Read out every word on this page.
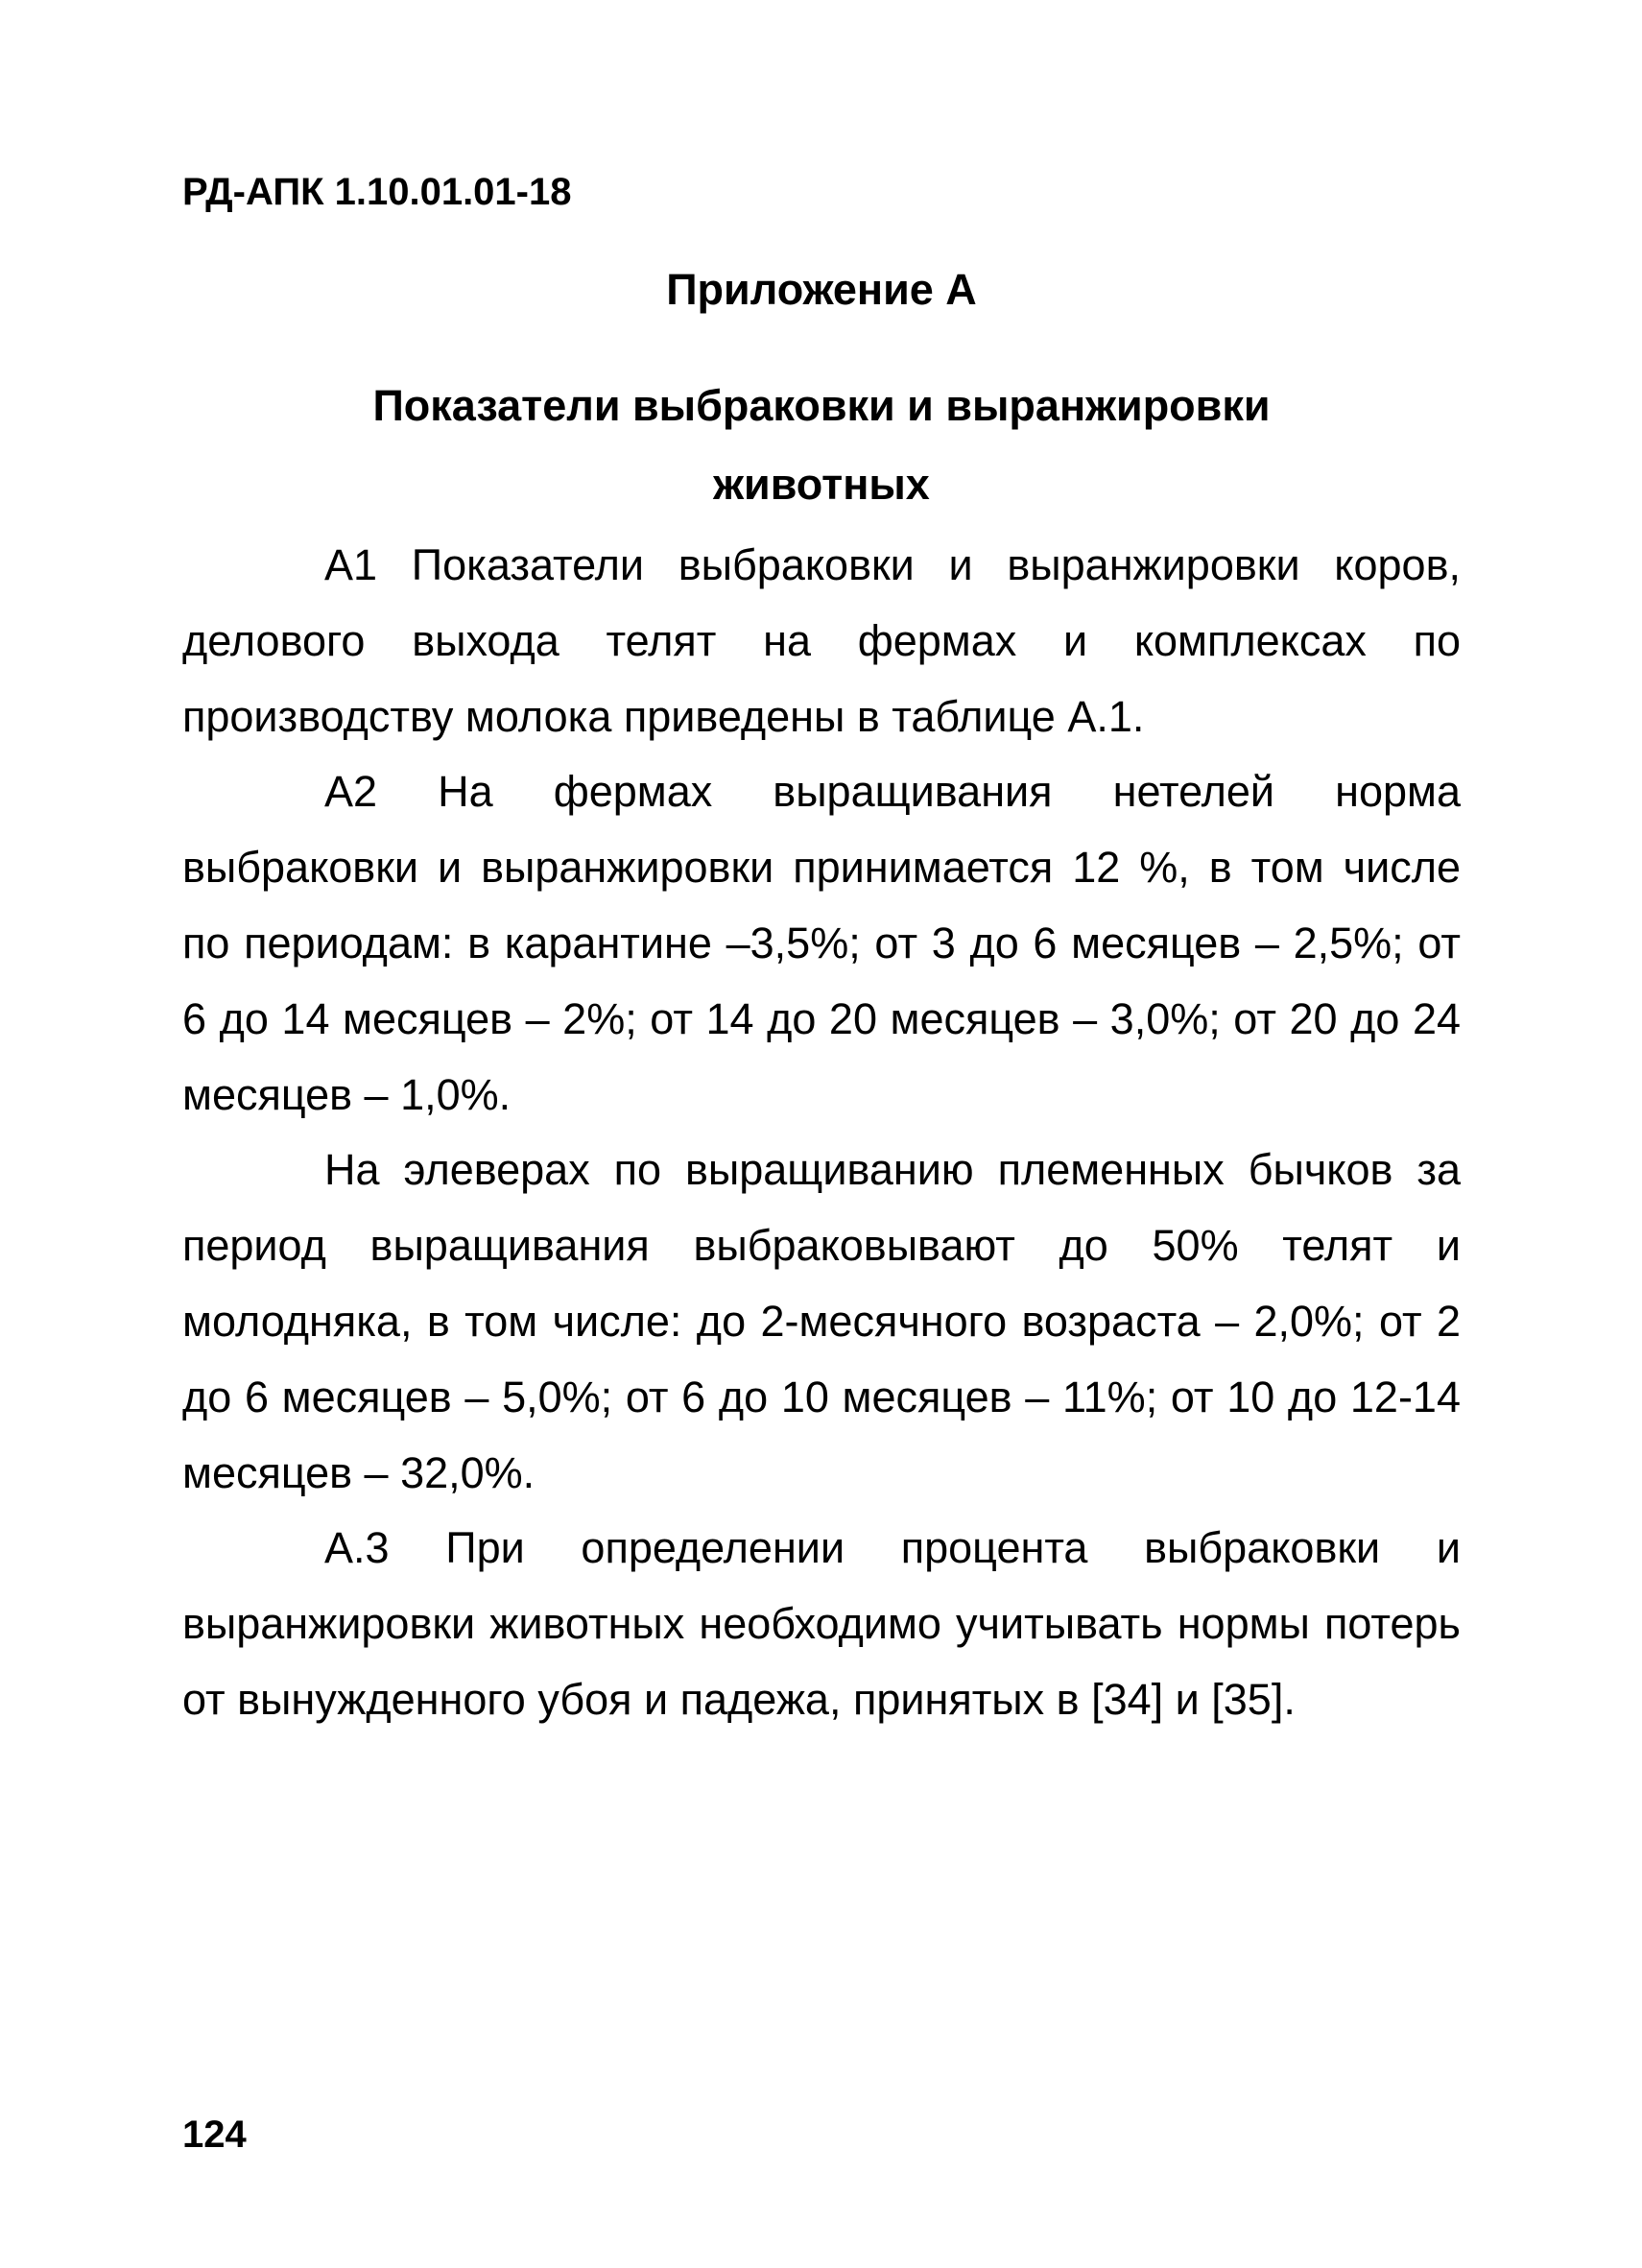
РД-АПК 1.10.01.01-18
Приложение А
Показатели выбраковки и выранжировки
животных

А1 Показатели выбраковки и выранжировки коров, делового выхода телят на фермах и комплексах по производству молока приведены в таблице А.1.

А2 На фермах выращивания нетелей норма выбраковки и выранжировки принимается 12 %, в том числе по периодам: в карантине –3,5%; от 3 до 6 месяцев – 2,5%; от 6 до 14 месяцев – 2%; от 14 до 20 месяцев – 3,0%; от 20 до 24 месяцев – 1,0%.

На элеверах по выращиванию племенных бычков за период выращивания выбраковывают до 50% телят и молодняка, в том числе: до 2-месячного возраста – 2,0%; от 2 до 6 месяцев – 5,0%; от 6 до 10 месяцев – 11%; от 10 до 12-14 месяцев – 32,0%.

А.3 При определении процента выбраковки и выранжировки животных необходимо учитывать нормы потерь от вынужденного убоя и падежа, принятых в [34] и [35].

124
